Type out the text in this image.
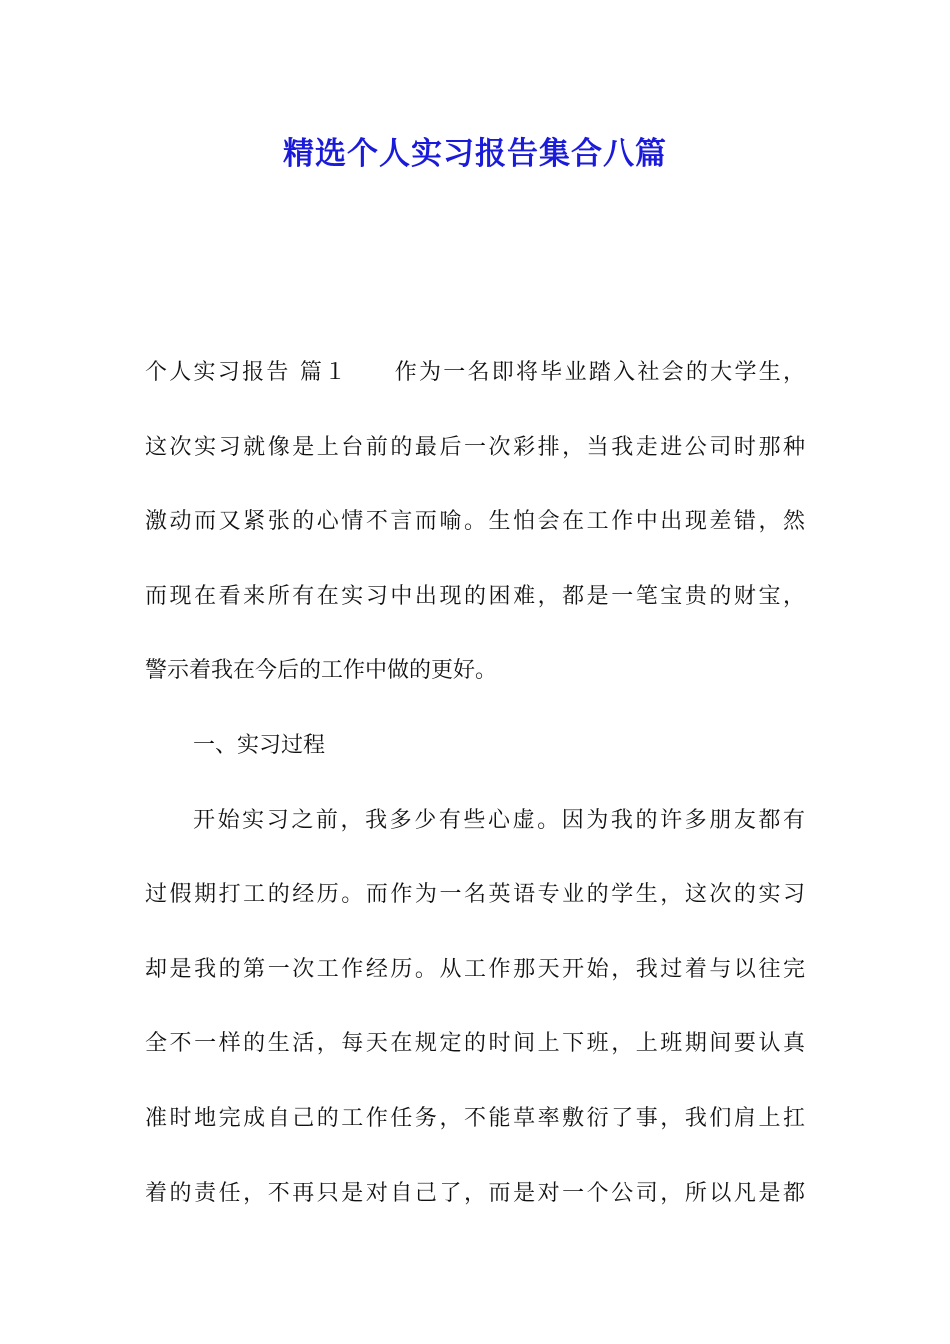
精选个人实习报告集合八篇
个人实习报告 篇１ 作为一名即将毕业踏入社会的大学生，
这次实习就像是上台前的最后一次彩排，当我走进公司时那种
激动而又紧张的心情不言而喻。生怕会在工作中出现差错，然
而现在看来所有在实习中出现的困难，都是一笔宝贵的财宝，
警示着我在今后的工作中做的更好。
一、实习过程
开始实习之前，我多少有些心虚。因为我的许多朋友都有
过假期打工的经历。而作为一名英语专业的学生，这次的实习
却是我的第一次工作经历。从工作那天开始，我过着与以往完
全不一样的生活，每天在规定的时间上下班，上班期间要认真
准时地完成自己的工作任务，不能草率敷衍了事，我们肩上扛
着的责任，不再只是对自己了，而是对一个公司，所以凡是都
